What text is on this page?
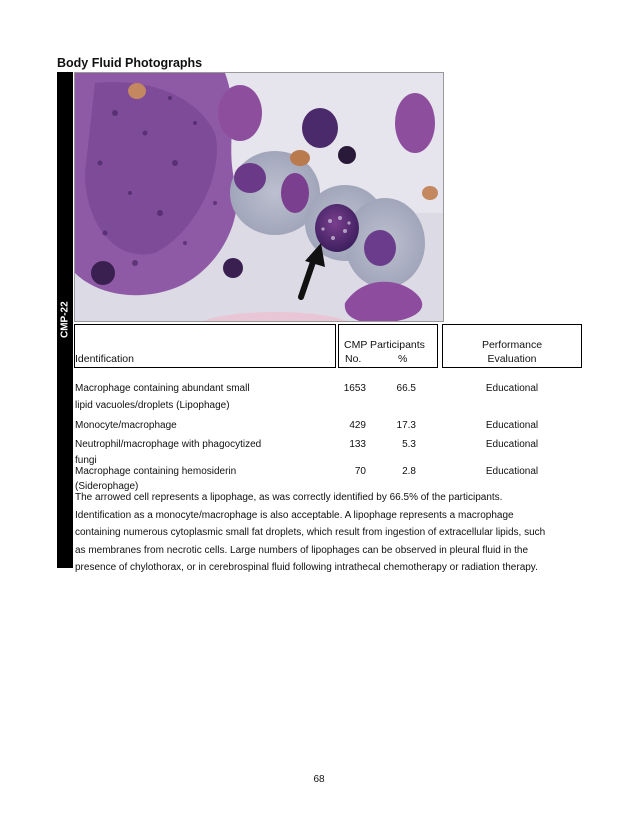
Body Fluid Photographs
CMP-22
Identification
CMP Participants
No.	%
Performance
Evaluation
Macrophage containing abundant small
lipid vacuoles/droplets (Lipophage)
1653	66.5	Educational
Monocyte/macrophage	429	17.3	Educational
Neutrophil/macrophage with phagocytized
fungi
133	5.3	Educational
Macrophage containing hemosiderin
(Siderophage)
70	2.8	Educational
The arrowed cell represents a lipophage, as was correctly identified by 66.5% of the participants.
Identification as a monocyte/macrophage is also acceptable. A lipophage represents a macrophage
containing numerous cytoplasmic small fat droplets, which result from ingestion of extracellular lipids, such
as membranes from necrotic cells. Large numbers of lipophages can be observed in pleural fluid in the
presence of chylothorax, or in cerebrospinal fluid following intrathecal chemotherapy or radiation therapy.
68
